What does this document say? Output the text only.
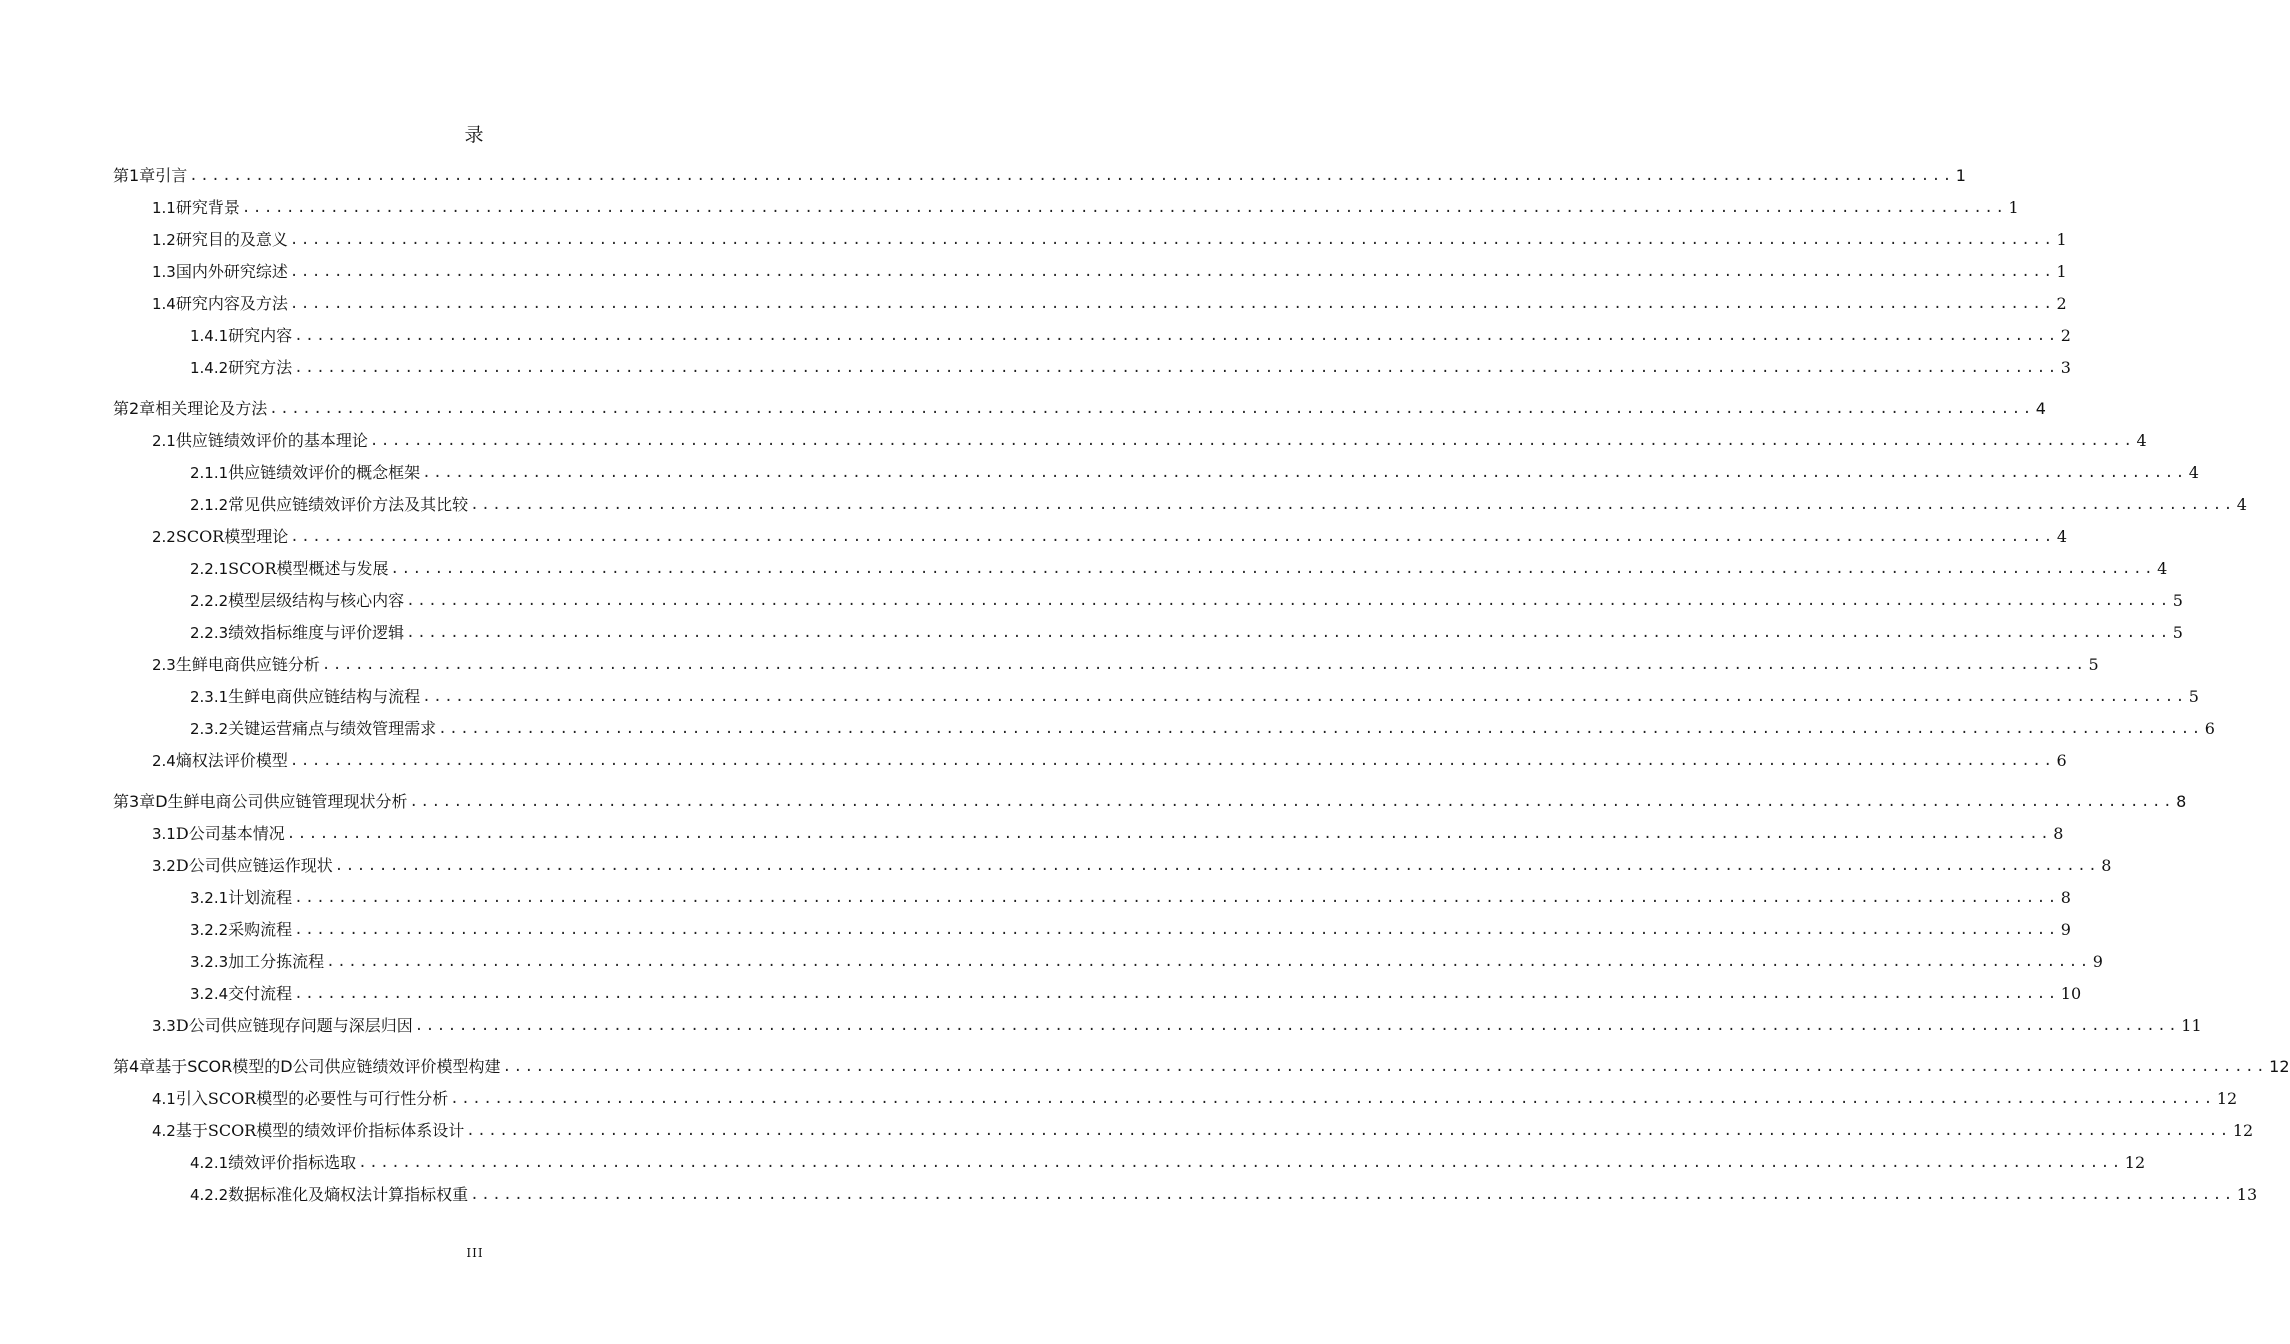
录
第1章 引言 ................................................................................................................................................................ 1
1.1 研究背景 ................................................................................................................................................................ 1
1.2 研究目的及意义 ................................................................................................................................................................ 1
1.3 国内外研究综述 ................................................................................................................................................................ 1
1.4 研究内容及方法 ................................................................................................................................................................ 2
1.4.1 研究内容 ................................................................................................................................................................ 2
1.4.2 研究方法 ................................................................................................................................................................ 3
第2章 相关理论及方法 ................................................................................................................................................................ 4
2.1 供应链绩效评价的基本理论 ................................................................................................................................................................ 4
2.1.1 供应链绩效评价的概念框架 ................................................................................................................................................................ 4
2.1.2 常见供应链绩效评价方法及其比较 ................................................................................................................................................................ 4
2.2 SCOR模型理论 ................................................................................................................................................................ 4
2.2.1 SCOR模型概述与发展 ................................................................................................................................................................ 4
2.2.2 模型层级结构与核心内容 ................................................................................................................................................................ 5
2.2.3 绩效指标维度与评价逻辑 ................................................................................................................................................................ 5
2.3 生鲜电商供应链分析 ................................................................................................................................................................ 5
2.3.1 生鲜电商供应链结构与流程 ................................................................................................................................................................ 5
2.3.2 关键运营痛点与绩效管理需求 ................................................................................................................................................................ 6
2.4 熵权法评价模型 ................................................................................................................................................................ 6
第3章 D生鲜电商公司供应链管理现状分析 ................................................................................................................................................................ 8
3.1 D公司基本情况 ................................................................................................................................................................ 8
3.2 D公司供应链运作现状 ................................................................................................................................................................ 8
3.2.1 计划流程 ................................................................................................................................................................ 8
3.2.2 采购流程 ................................................................................................................................................................ 9
3.2.3 加工分拣流程 ................................................................................................................................................................ 9
3.2.4 交付流程 ................................................................................................................................................................ 10
3.3 D公司供应链现存问题与深层归因 ................................................................................................................................................................ 11
第4章 基于SCOR模型的D公司供应链绩效评价模型构建 ................................................................................................................................................................ 12
4.1 引入SCOR模型的必要性与可行性分析 ................................................................................................................................................................ 12
4.2 基于SCOR模型的绩效评价指标体系设计 ................................................................................................................................................................ 12
4.2.1 绩效评价指标选取 ................................................................................................................................................................ 12
4.2.2 数据标准化及熵权法计算指标权重 ................................................................................................................................................................ 13
III
